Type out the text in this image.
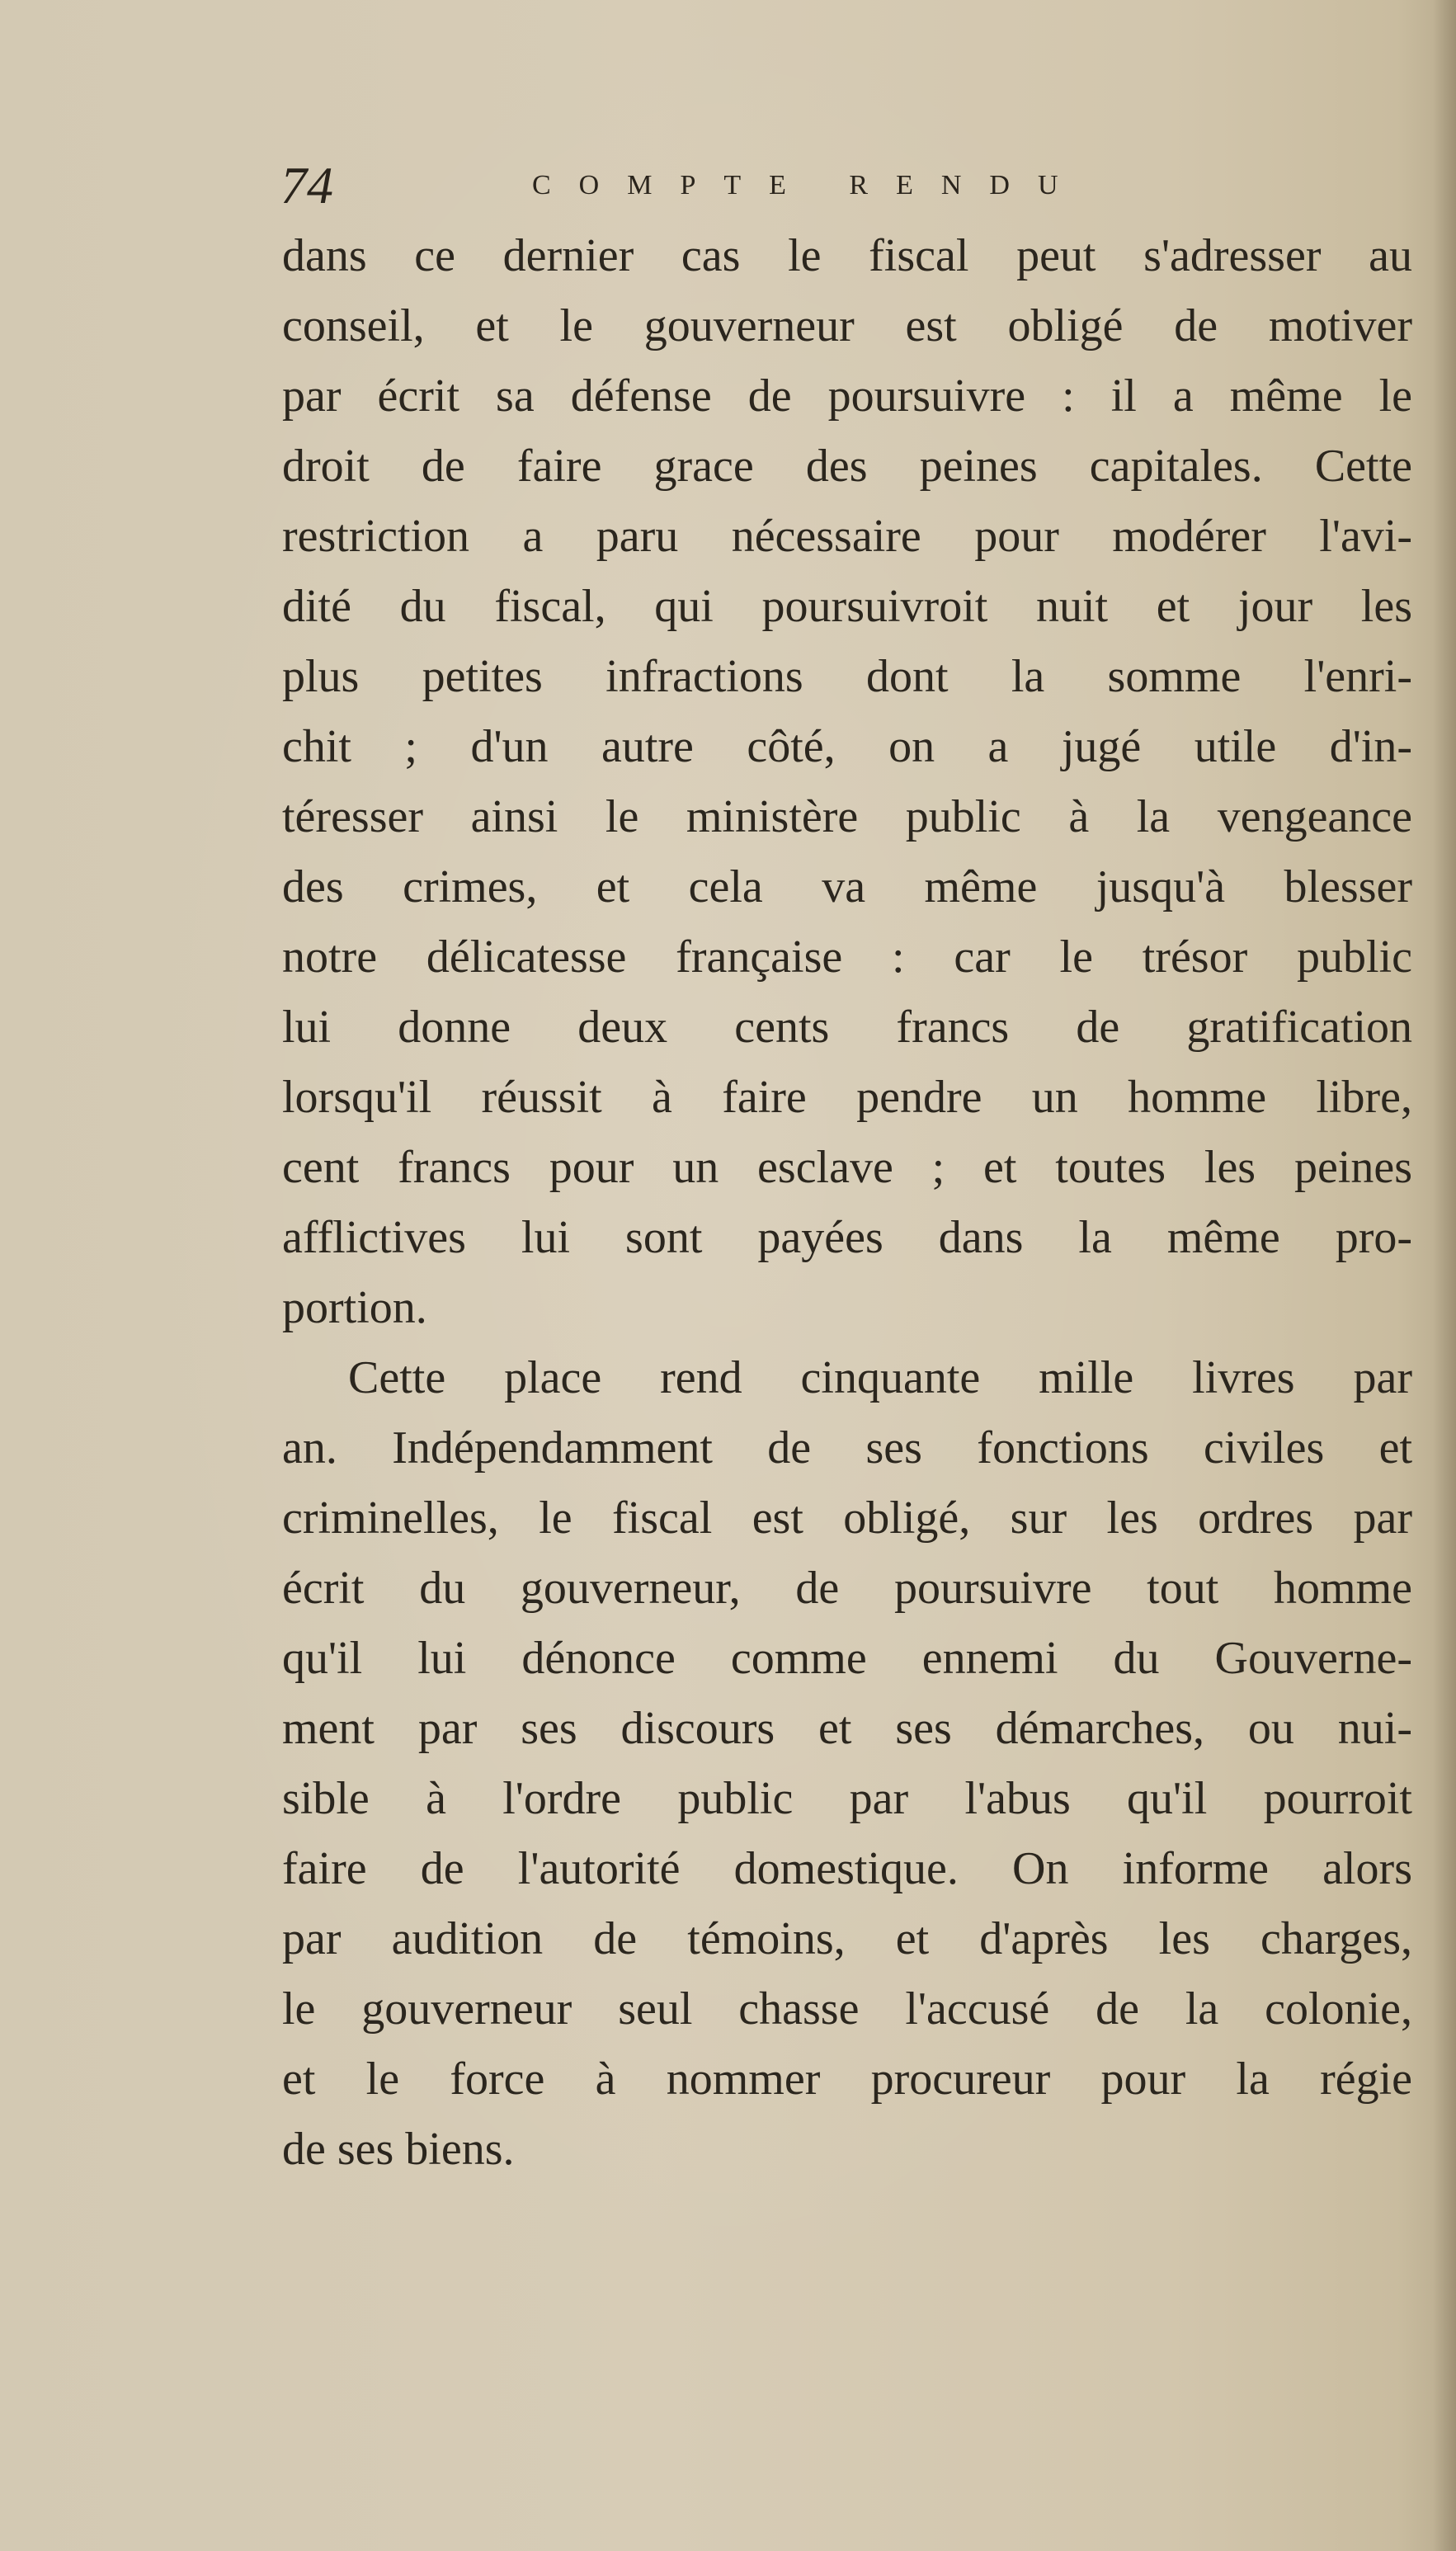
74	COMPTE RENDU
dans ce dernier cas le fiscal peut s'adresser au
conseil, et le gouverneur est obligé de motiver
par écrit sa défense de poursuivre : il a même le
droit de faire grace des peines capitales. Cette
restriction a paru nécessaire pour modérer l'avi-
dité du fiscal, qui poursuivroit nuit et jour les
plus petites infractions dont la somme l'enri-
chit ; d'un autre côté, on a jugé utile d'in-
téresser ainsi le ministère public à la vengeance
des crimes, et cela va même jusqu'à blesser
notre délicatesse française : car le trésor public
lui donne deux cents francs de gratification
lorsqu'il réussit à faire pendre un homme libre,
cent francs pour un esclave ; et toutes les peines
afflictives lui sont payées dans la même pro-
portion.
Cette place rend cinquante mille livres par
an. Indépendamment de ses fonctions civiles et
criminelles, le fiscal est obligé, sur les ordres par
écrit du gouverneur, de poursuivre tout homme
qu'il lui dénonce comme ennemi du Gouverne-
ment par ses discours et ses démarches, ou nui-
sible à l'ordre public par l'abus qu'il pourroit
faire de l'autorité domestique. On informe alors
par audition de témoins, et d'après les charges,
le gouverneur seul chasse l'accusé de la colonie,
et le force à nommer procureur pour la régie
de ses biens.
